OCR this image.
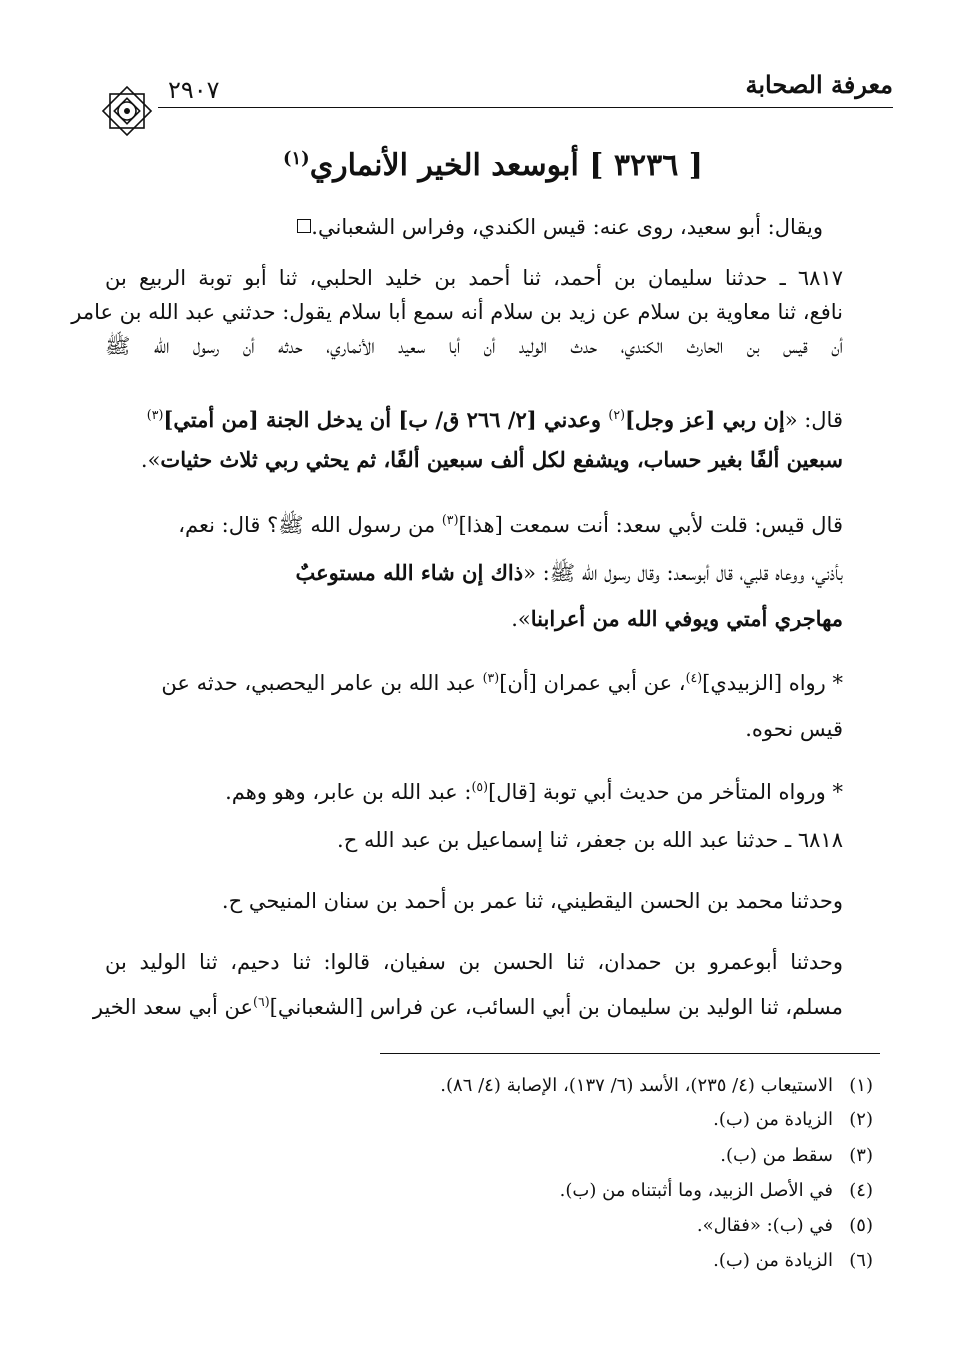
معرفة الصحابة
٢٩٠٧
[ ٣٢٣٦ ] أبوسعد الخير الأنماري$^{(١)}$
ويقال: أبو سعيد، روى عنه: قيس الكندي، وفراس الشعباني.
٦٨١٧ ـ حدثنا سليمان بن أحمد، ثنا أحمد بن خليد الحلبي، ثنا أبو توبة الربيع بن
نافع، ثنا معاوية بن سلام عن زيد بن سلام أنه سمع أبا سلام يقول: حدثني عبد الله بن عامر
أن قيس بن الحارث الكندي، حدث الوليد أن أبا سعيد الأنماري، حدثه أن رسول الله ﷺ
قال: «إن ربي [عز وجل]$^{(٢)}$ وعدني [٢/ ٢٦٦ ق/ ب] أن يدخل الجنة [من أمتي]$^{(٣)}$
سبعين ألفًا بغير حساب، ويشفع لكل ألف سبعين ألفًا، ثم يحثي ربي ثلاث حثيات».
قال قيس: قلت لأبي سعد: أنت سمعت [هذا]$^{(٣)}$ من رسول الله ﷺ؟ قال: نعم،
بأذني، ووعاه قلبي، قال أبوسعد: وقال رسول الله ﷺ: «ذاك إن شاء الله مستوعبٌ
مهاجري أمتي ويوفي الله من أعرابنا».
* رواه [الزبيدي]$^{(٤)}$، عن أبي عمران [أن]$^{(٣)}$ عبد الله بن عامر اليحصبي، حدثه عن
قيس نحوه.
* ورواه المتأخر من حديث أبي توبة [قال]$^{(٥)}$: عبد الله بن عابر، وهو وهم.
٦٨١٨ ـ حدثنا عبد الله بن جعفر، ثنا إسماعيل بن عبد الله ح.
وحدثنا محمد بن الحسن اليقطيني، ثنا عمر بن أحمد بن سنان المنيحي ح.
وحدثنا أبوعمرو بن حمدان، ثنا الحسن بن سفيان، قالوا: ثنا دحيم، ثنا الوليد بن
مسلم، ثنا الوليد بن سليمان بن أبي السائب، عن فراس [الشعباني]$^{(٦)}$عن أبي سعد الخير
(١)الاستيعاب (٤/ ٢٣٥)، الأسد (٦/ ١٣٧)، الإصابة (٤/ ٨٦).
(٢)الزيادة من (ب).
(٣)سقط من (ب).
(٤)في الأصل الزبيد، وما أثبتناه من (ب).
(٥)في (ب): «فقال».
(٦)الزيادة من (ب).
